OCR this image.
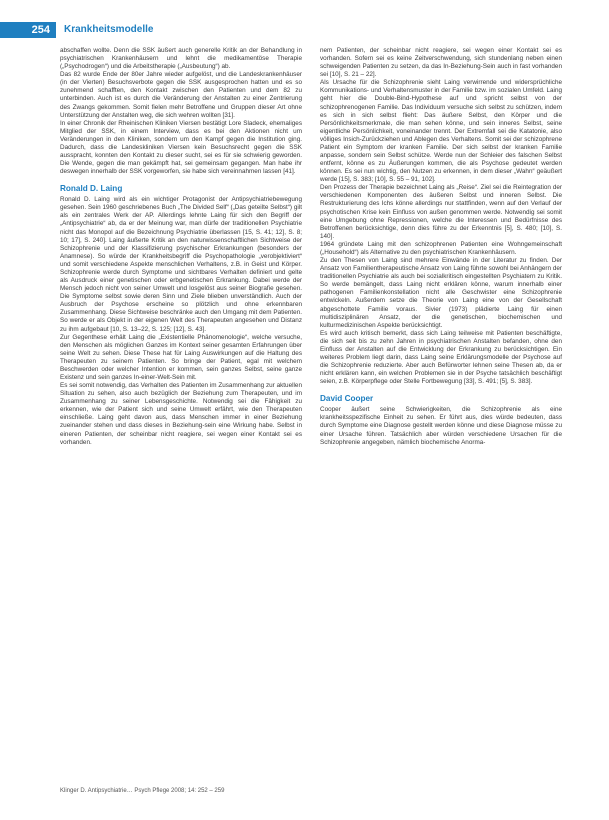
254	Krankheitsmodelle

abschaffen wollte. Denn die SSK äußert auch generelle Kritik an der Behandlung in psychiatrischen Krankenhäusern und lehnt die medikamentöse Therapie („Psychodrogen“) und die Arbeitstherapie („Ausbeutung“) ab.

Das 82 wurde Ende der 80er Jahre wieder aufgelöst, und die Landeskrankenhäuser (in der Vierten) Besuchsverbote gegen die SSK ausgesprochen hatten und es so zunehmend schafften, den Kontakt zwischen den Patienten und dem 82 zu unterbinden. Auch ist es durch die Veränderung der Anstalten zu einer Zentrierung des Zwangs gekommen. Somit fielen mehr Betroffene und Gruppen dieser Art ohne Unterstützung der Anstalten weg, die sich wehren wollten [31].

In einer Chronik der Rheinischen Kliniken Viersen bestätigt Lore Sladeck, ehemaliges Mitglied der SSK, in einem Interview, dass es bei den Aktionen nicht um Veränderungen in den Kliniken, sondern um den Kampf gegen die Institution ging. Dadurch, dass die Landeskliniken Viersen kein Besuchsrecht gegen die SSK ausspracht, konnten den Kontakt zu dieser sucht, sei es für sie schwierig geworden. Die Wende, gegen die man gekämpft hat, sei gemeinsam gegangen. Man habe ihr deswegen innerhalb der SSK vorgeworfen, sie habe sich vereinnahmen lassen [41].

Ronald D. Laing

Ronald D. Laing wird als ein wichtiger Protagonist der Antipsychiatriebewegung gesehen. Sein 1960 geschriebenes Buch „The Divided Self“ („Das geteilte Selbst“) gilt als ein zentrales Werk der AP. Allerdings lehnte Laing für sich den Begriff der „Antipsychiatrie“ ab, da er der Meinung war, man dürfe der traditionellen Psychiatrie nicht das Monopol auf die Bezeichnung Psychiatrie überlassen [15, S. 41; 12], S. 8; 10; 17], S. 240]. Laing äußerte Kritik an den naturwissenschaftlichen Sichtweise der Schizophrenie und der Klassifizierung psychischer Erkrankungen (besonders der Anamnese). So würde der Krankheitsbegriff die Psychopathologie „verobjektiviert“ und somit verschiedene Aspekte menschlichen Verhaltens, z.B. in Geist und Körper. Schizophrenie werde durch Symptome und sichtbares Verhalten definiert und gelte als Ausdruck einer genetischen oder erbgenetischen Erkrankung. Dabei werde der Mensch jedoch nicht von seiner Umwelt und losgelöst aus seiner Biografie gesehen. Die Symptome selbst sowie deren Sinn und Ziele blieben unverständlich. Auch der Ausbruch der Psychose erscheine so plötzlich und ohne erkennbaren Zusammenhang. Diese Sichtweise beschränke auch den Umgang mit dem Patienten. So werde er als Objekt in der eigenen Welt des Therapeuten angesehen und Distanz zu ihm aufgebaut [10, S. 13–22, S. 125; [12], S. 43].

Zur Gegenthese erhält Laing die „Existentielle Phänomenologie“, welche versuche, den Menschen als möglichen Ganzes im Kontext seiner gesamten Erfahrungen über seine Welt zu sehen. Diese These hat für Laing Auswirkungen auf die Haltung des Therapeuten zu seinem Patienten. So bringe der Patient, egal mit welchem Beschwerden oder welcher Intention er kommen, sein ganzes Selbst, seine ganze Existenz und sein ganzes In-einer-Welt-Sein mit.

Es sei somit notwendig, das Verhalten des Patienten im Zusammenhang zur aktuellen Situation zu sehen, also auch bezüglich der Beziehung zum Therapeuten, und im Zusammenhang zu seiner Lebensgeschichte. Notwendig sei die Fähigkeit zu erkennen, wie der Patient sich und seine Umwelt erfährt, wie den Therapeuten einschließe. Laing geht davon aus, dass Menschen immer in einer Beziehung zueinander stehen und dass dieses in Beziehung-sein eine Wirkung habe. Selbst in eineren Patienten, der scheinbar nicht reagiere, sei wegen einer Kontakt sei es vorhanden.

nem Patienten, der scheinbar nicht reagiere, sei wegen einer Kontakt sei es vorhanden. Sofern sei es keine Zeitverschwendung, sich stundenlang neben einen schweigenden Patienten zu setzen, da das In-Beziehung-Sein auch in fast vorhanden sei [10], S. 21 – 22].

Als Ursache für die Schizophrenie sieht Laing verwirrende und widersprüchliche Kommunikations- und Verhaltensmuster in der Familie bzw. im sozialen Umfeld. Laing geht hier die Double-Bind-Hypothese auf und spricht selbst von der schizophrenogenen Familie. Das Individuum versuche sich selbst zu schützen, indem es sich in sich selbst flieht: Das äußere Selbst, den Körper und die Persönlichkeitsmerkmale, die man sehen könne, und sein inneres Selbst, seine eigentliche Persönlichkeit, voneinander trennt. Der Extremfall sei die Katatonie, also völliges Insich-Zurückziehen und Ablegen des Verhaltens. Somit sei der schizophrene Patient ein Symptom der kranken Familie. Der sich selbst der kranken Familie anpasse, sondern sein Selbst schütze. Werde nun der Schleier des falschen Selbst entfernt, könne es zu Äußerungen kommen, die als Psychose gedeutet werden können. Es sei nun wichtig, den Nutzen zu erkennen, in dem dieser „Wahn“ geäußert werde [15], S. 383; [10], S. 55 – 91, 102].

Den Prozess der Therapie bezeichnet Laing als „Reise“. Ziel sei die Reintegration der verschiedenen Komponenten des äußeren Selbst und inneren Selbst. Die Restrukturierung des Ichs könne allerdings nur stattfinden, wenn auf den Verlauf der psychotischen Krise kein Einfluss von außen genommen werde. Notwendig sei somit eine Umgebung ohne Repressionen, welche die Interessen und Bedürfnisse des Betroffenen berücksichtige, denn dies führe zu der Erkenntnis [5], S. 480; [10], S. 140].

1964 gründete Laing mit den schizophrenen Patienten eine Wohngemeinschaft („Household“) als Alternative zu den psychiatrischen Krankenhäusern.

Zu den Thesen von Laing sind mehrere Einwände in der Literatur zu finden. Der Ansatz von Familientherapeutische Ansatz von Laing führte sowohl bei Anhängern der traditionellen Psychiatrie als auch bei sozialkritisch eingestellten Psychiatern zu Kritik. So werde bemängelt, dass Laing nicht erklären könne, warum innerhalb einer pathogenen Familienkonstellation nicht alle Geschwister eine Schizophrenie entwickeln. Außerdem setze die Theorie von Laing eine von der Gesellschaft abgeschottete Familie voraus. Sivier (1973) plädierte Laing für einen multidisziplinären Ansatz, der die genetischen, biochemischen und kulturmedizinischen Aspekte berücksichtigt.

Es wird auch kritisch bemerkt, dass sich Laing teilweise mit Patienten beschäftigte, die sich seit bis zu zehn Jahren in psychiatrischen Anstalten befanden, ohne den Einfluss der Anstalten auf die Entwicklung der Erkrankung zu berücksichtigen. Ein weiteres Problem liegt darin, dass Laing seine Erklärungsmodelle der Psychose auf die Schizophrenie reduzierte. Aber auch Befürworter lehnen seine Thesen ab, da er nicht erklären kann, ein welchen Problemen sie in der Psyche tatsächlich beschäftigt seien, z.B. Körperpflege oder Stelle Fortbewegung [33], S. 491; [5], S. 383].

David Cooper

Cooper äußert seine Schwierigkeiten, die Schizophrenie als eine krankheitsspezifische Einheit zu sehen. Er führt aus, dies würde bedeuten, dass durch Symptome eine Diagnose gestellt werden könne und diese Diagnose müsse zu einer Ursache führen. Tatsächlich aber würden verschiedene Ursachen für die Schizophrenie angegeben, nämlich biochemische Anorma-

Klinger D. Antipsychiatrie… Psych Pflege 2008; 14: 252 – 259
